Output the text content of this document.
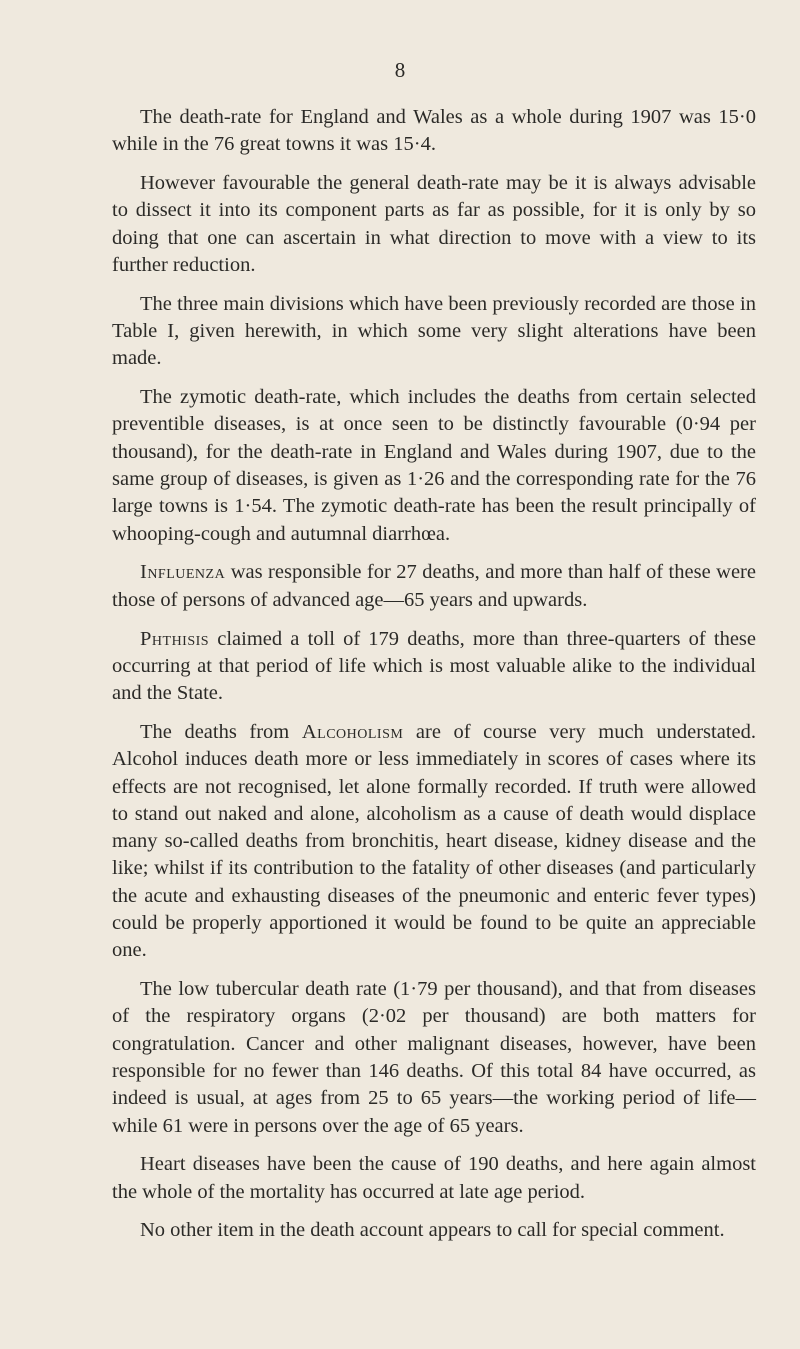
8

The death-rate for England and Wales as a whole during 1907 was 15·0 while in the 76 great towns it was 15·4.

However favourable the general death-rate may be it is always advisable to dissect it into its component parts as far as possible, for it is only by so doing that one can ascertain in what direction to move with a view to its further reduction.

The three main divisions which have been previously recorded are those in Table I, given herewith, in which some very slight alterations have been made.

The zymotic death-rate, which includes the deaths from certain selected preventible diseases, is at once seen to be distinctly favourable (0·94 per thousand), for the death-rate in England and Wales during 1907, due to the same group of diseases, is given as 1·26 and the corresponding rate for the 76 large towns is 1·54. The zymotic death-rate has been the result principally of whooping-cough and autumnal diarrhœa.

Influenza was responsible for 27 deaths, and more than half of these were those of persons of advanced age—65 years and upwards.

Phthisis claimed a toll of 179 deaths, more than three-quarters of these occurring at that period of life which is most valuable alike to the individual and the State.

The deaths from Alcoholism are of course very much understated. Alcohol induces death more or less immediately in scores of cases where its effects are not recognised, let alone formally recorded. If truth were allowed to stand out naked and alone, alcoholism as a cause of death would displace many so-called deaths from bronchitis, heart disease, kidney disease and the like; whilst if its contribution to the fatality of other diseases (and particularly the acute and exhausting diseases of the pneumonic and enteric fever types) could be properly apportioned it would be found to be quite an appreciable one.

The low tubercular death rate (1·79 per thousand), and that from diseases of the respiratory organs (2·02 per thousand) are both matters for congratulation. Cancer and other malignant diseases, however, have been responsible for no fewer than 146 deaths. Of this total 84 have occurred, as indeed is usual, at ages from 25 to 65 years—the working period of life—while 61 were in persons over the age of 65 years.

Heart diseases have been the cause of 190 deaths, and here again almost the whole of the mortality has occurred at late age period.

No other item in the death account appears to call for special comment.
